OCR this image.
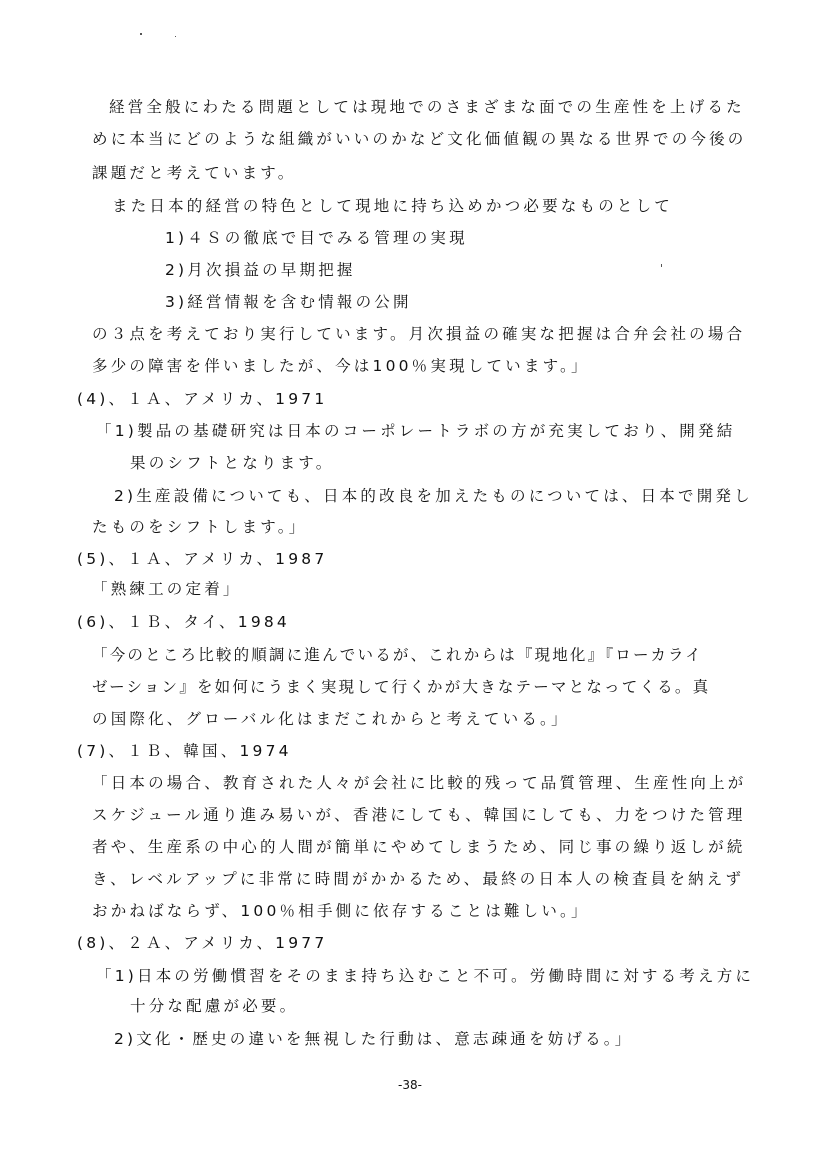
経営全般にわたる問題としては現地でのさまざまな面での生産性を上げるた
めに本当にどのような組織がいいのかなど文化価値観の異なる世界での今後の
課題だと考えています。
また日本的経営の特色として現地に持ち込めかつ必要なものとして
1)４Ｓの徹底で目でみる管理の実現
2)月次損益の早期把握
3)経営情報を含む情報の公開
の３点を考えており実行しています。月次損益の確実な把握は合弁会社の場合
多少の障害を伴いましたが、今は100％実現しています。」
(4)、１Ａ、アメリカ、1971
「1)製品の基礎研究は日本のコーポレートラボの方が充実しており、開発結
果のシフトとなります。
2)生産設備についても、日本的改良を加えたものについては、日本で開発し
たものをシフトします。」
(5)、１Ａ、アメリカ、1987
「熟練工の定着」
(6)、１Ｂ、タイ、1984
「今のところ比較的順調に進んでいるが、これからは『現地化』『ローカライ
ゼーション』を如何にうまく実現して行くかが大きなテーマとなってくる。真
の国際化、グローバル化はまだこれからと考えている。」
(7)、１Ｂ、韓国、1974
「日本の場合、教育された人々が会社に比較的残って品質管理、生産性向上が
スケジュール通り進み易いが、香港にしても、韓国にしても、力をつけた管理
者や、生産系の中心的人間が簡単にやめてしまうため、同じ事の繰り返しが続
き、レベルアップに非常に時間がかかるため、最終の日本人の検査員を納えず
おかねばならず、100％相手側に依存することは難しい。」
(8)、２Ａ、アメリカ、1977
「1)日本の労働慣習をそのまま持ち込むこと不可。労働時間に対する考え方に
十分な配慮が必要。
2)文化・歴史の違いを無視した行動は、意志疎通を妨げる。」
-38-
